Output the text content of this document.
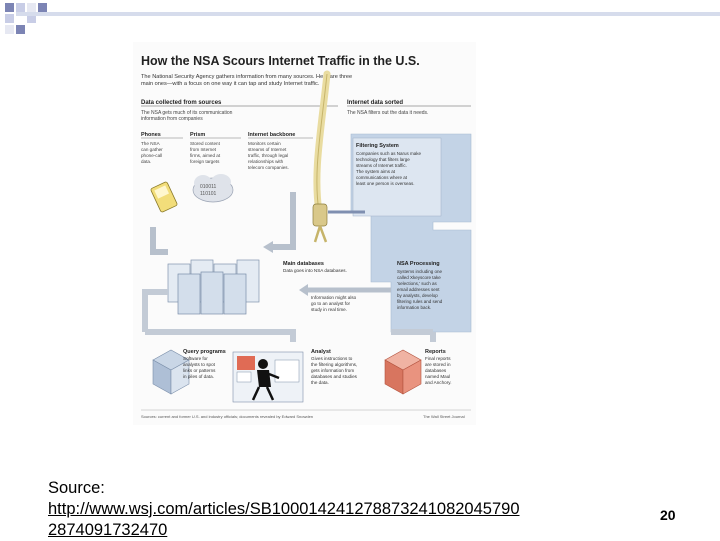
How the NSA Scours Internet Traffic in the U.S.
The National Security Agency gathers information from many sources. Here are three
main ones—with a focus on one way it can tap and study Internet traffic.
Data collected from sources
The NSA gets much of its communication
information from companies
Internet data sorted
The NSA filters out the data it needs.
Phones
The NSA
can gather
phone-call
data.
Prism
Stored content
from Internet
firms, aimed at
foreign targets
Internet backbone
Monitors certain
streams of Internet
traffic, through legal
relationships with
telecom companies.
Filtering System
Companies such as Narus make
technology that filters large
streams of Internet traffic.
The system aims at
communications where at
least one person is overseas.
010011
110101
Main databases
Data goes into NSA databases.
NSA Processing
Systems including one
called Xkeyscore take
'selections,' such as
email addresses sent
by analysts, develop
filtering rules and send
information back.
Information might also
go to an analyst for
study in real time.
Query programs
Software for
analysts to spot
links or patterns
in piles of data.
Analyst
Gives instructions to
the filtering algorithms,
gets information from
databases and studies
the data.
Reports
Final reports
are stored in
databases
named Maul
and Anchory.
Sources: current and former U.S. and industry officials; documents revealed by Edward Snowden	The Wall Street Journal
Source:
http://www.wsj.com/articles/SB100014241278873241082045790
2874091732470
20
